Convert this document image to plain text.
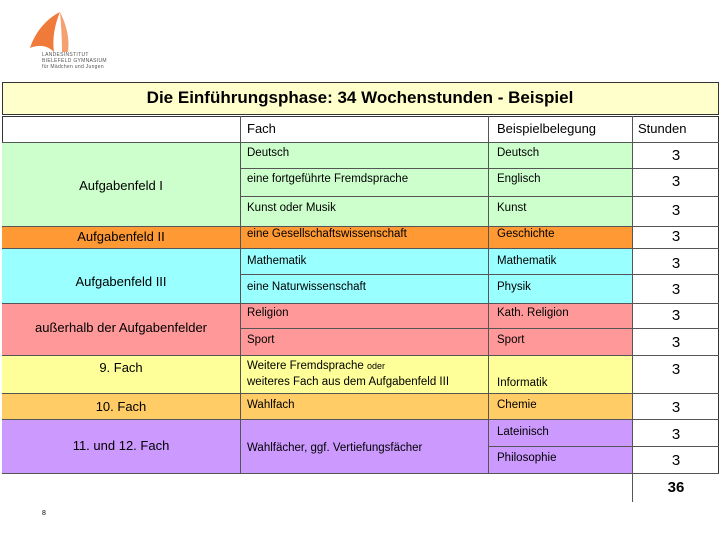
LANDESINSTITUT
BIELEFELD GYMNASIUM
für Mädchen und Jungen
Die Einführungsphase: 34 Wochenstunden - Beispiel
Fach	Beispielbelegung	Stunden
Aufgabenfeld I
Aufgabenfeld II
Aufgabenfeld III
außerhalb der Aufgabenfelder
9. Fach
10. Fach
11. und 12. Fach
Deutsch
eine fortgeführte Fremdsprache
Kunst oder Musik
eine Gesellschaftswissenschaft
Mathematik
eine Naturwissenschaft
Religion
Sport
Weitere Fremdsprache oder
weiteres Fach aus dem Aufgabenfeld III
Wahlfach
Wahlfächer, ggf. Vertiefungsfächer
Deutsch
Englisch
Kunst
Geschichte
Mathematik
Physik
Kath. Religion
Sport
Informatik
Chemie
Lateinisch
Philosophie
3
3
3
3
3
3
3
3
3
3
3
3
36
8
